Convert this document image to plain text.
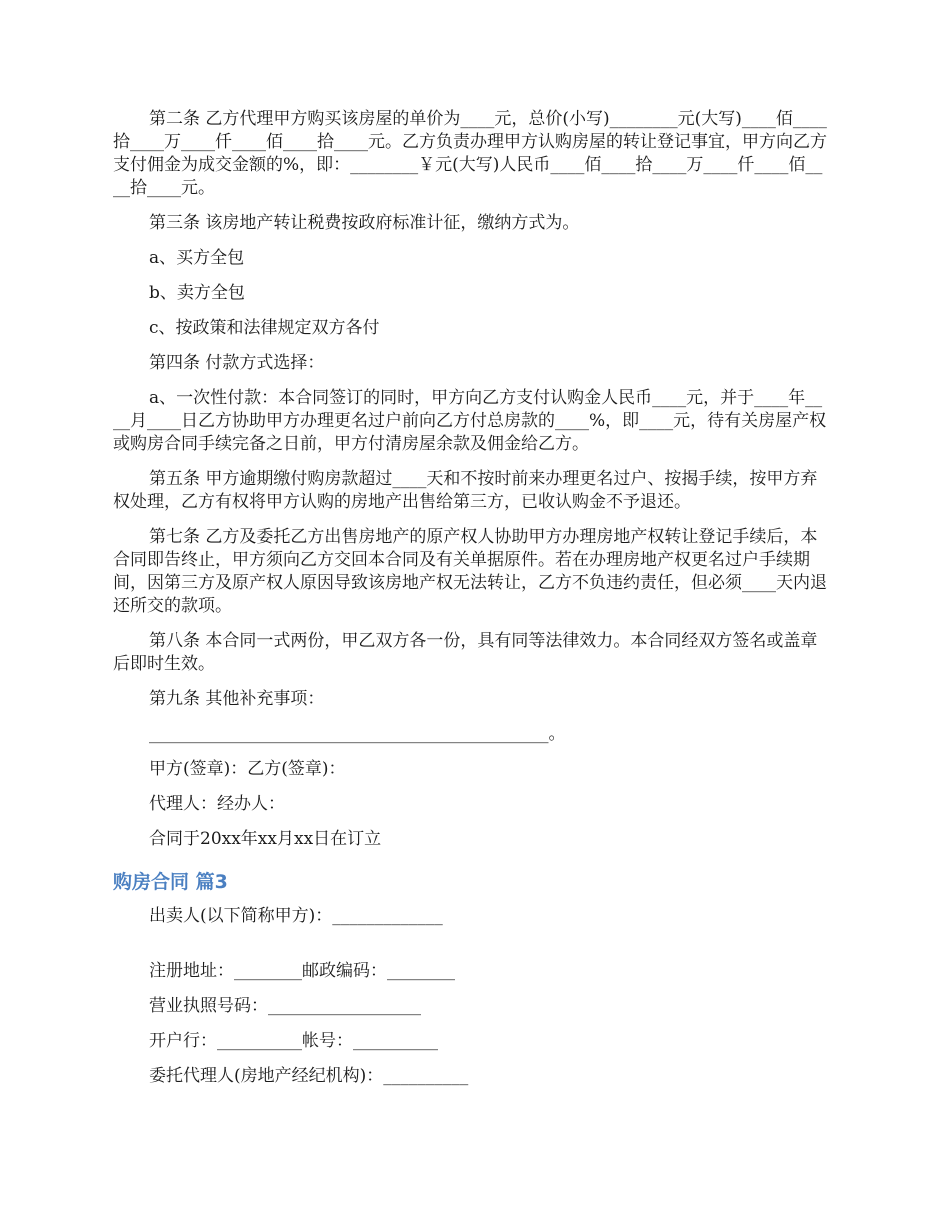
第二条 乙方代理甲方购买该房屋的单价为____元，总价(小写)________元(大写)____佰____拾____万____仟____佰____拾____元。乙方负责办理甲方认购房屋的转让登记事宜，甲方向乙方支付佣金为成交金额的%，即：________￥元(大写)人民币____佰____拾____万____仟____佰____拾____元。

第三条 该房地产转让税费按政府标准计征，缴纳方式为。

a、买方全包

b、卖方全包

c、按政策和法律规定双方各付

第四条 付款方式选择：

a、一次性付款：本合同签订的同时，甲方向乙方支付认购金人民币____元，并于____年____月____日乙方协助甲方办理更名过户前向乙方付总房款的____%，即____元，待有关房屋产权或购房合同手续完备之日前，甲方付清房屋余款及佣金给乙方。

第五条 甲方逾期缴付购房款超过____天和不按时前来办理更名过户、按揭手续，按甲方弃权处理，乙方有权将甲方认购的房地产出售给第三方，已收认购金不予退还。

第七条 乙方及委托乙方出售房地产的原产权人协助甲方办理房地产权转让登记手续后，本合同即告终止，甲方须向乙方交回本合同及有关单据原件。若在办理房地产权更名过户手续期间，因第三方及原产权人原因导致该房地产权无法转让，乙方不负违约责任，但必须____天内退还所交的款项。

第八条 本合同一式两份，甲乙双方各一份，具有同等法律效力。本合同经双方签名或盖章后即时生效。

第九条 其他补充事项：

_______________________________________________。

甲方(签章)：乙方(签章)：

代理人：经办人：

合同于20xx年xx月xx日在订立

购房合同 篇3

出卖人(以下简称甲方)：_____________

注册地址：________邮政编码：________

营业执照号码：__________________

开户行：__________帐号：__________

委托代理人(房地产经纪机构)：__________
